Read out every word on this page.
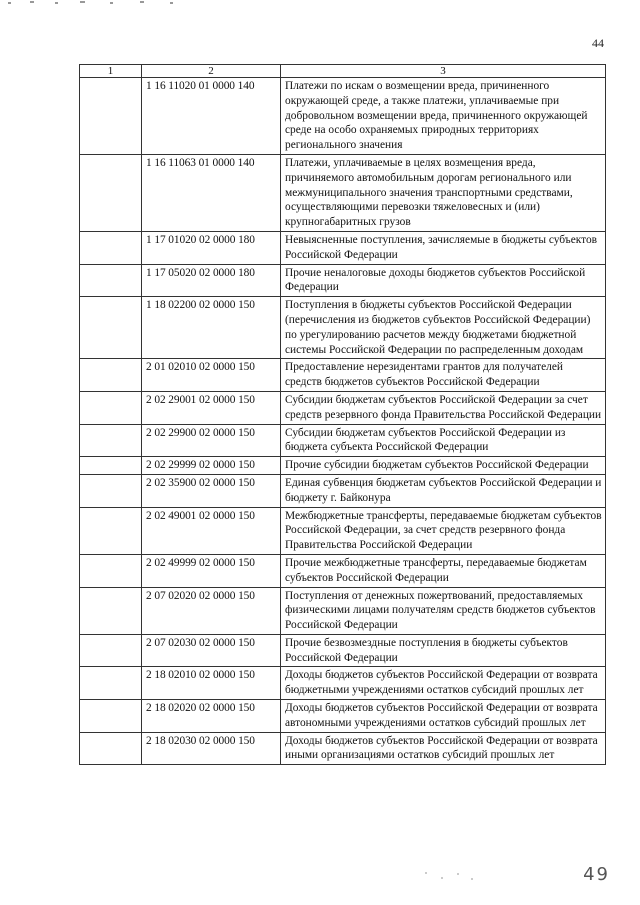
44
1	2	3
	1 16 11020 01 0000 140	Платежи по искам о возмещении вреда, причиненного окружающей среде, а также платежи, уплачиваемые при добровольном возмещении вреда, причиненного окружающей среде на особо охраняемых природных территориях регионального значения
	1 16 11063 01 0000 140	Платежи, уплачиваемые в целях возмещения вреда, причиняемого автомобильным дорогам регионального или межмуниципального значения транспортными средствами, осуществляющими перевозки тяжеловесных и (или) крупногабаритных грузов
	1 17 01020 02 0000 180	Невыясненные поступления, зачисляемые в бюджеты субъектов Российской Федерации
	1 17 05020 02 0000 180	Прочие неналоговые доходы бюджетов субъектов Российской Федерации
	1 18 02200 02 0000 150	Поступления в бюджеты субъектов Российской Федерации (перечисления из бюджетов субъектов Российской Федерации) по урегулированию расчетов между бюджетами бюджетной системы Российской Федерации по распределенным доходам
	2 01 02010 02 0000 150	Предоставление нерезидентами грантов для получателей средств бюджетов субъектов Российской Федерации
	2 02 29001 02 0000 150	Субсидии бюджетам субъектов Российской Федерации за счет средств резервного фонда Правительства Российской Федерации
	2 02 29900 02 0000 150	Субсидии бюджетам субъектов Российской Федерации из бюджета субъекта Российской Федерации
	2 02 29999 02 0000 150	Прочие субсидии бюджетам субъектов Российской Федерации
	2 02 35900 02 0000 150	Единая субвенция бюджетам субъектов Российской Федерации и бюджету г. Байконура
	2 02 49001 02 0000 150	Межбюджетные трансферты, передаваемые бюджетам субъектов Российской Федерации, за счет средств резервного фонда Правительства Российской Федерации
	2 02 49999 02 0000 150	Прочие межбюджетные трансферты, передаваемые бюджетам субъектов Российской Федерации
	2 07 02020 02 0000 150	Поступления от денежных пожертвований, предоставляемых физическими лицами получателям средств бюджетов субъектов Российской Федерации
	2 07 02030 02 0000 150	Прочие безвозмездные поступления в бюджеты субъектов Российской Федерации
	2 18 02010 02 0000 150	Доходы бюджетов субъектов Российской Федерации от возврата бюджетными учреждениями остатков субсидий прошлых лет
	2 18 02020 02 0000 150	Доходы бюджетов субъектов Российской Федерации от возврата автономными учреждениями остатков субсидий прошлых лет
	2 18 02030 02 0000 150	Доходы бюджетов субъектов Российской Федерации от возврата иными организациями остатков субсидий прошлых лет
49
